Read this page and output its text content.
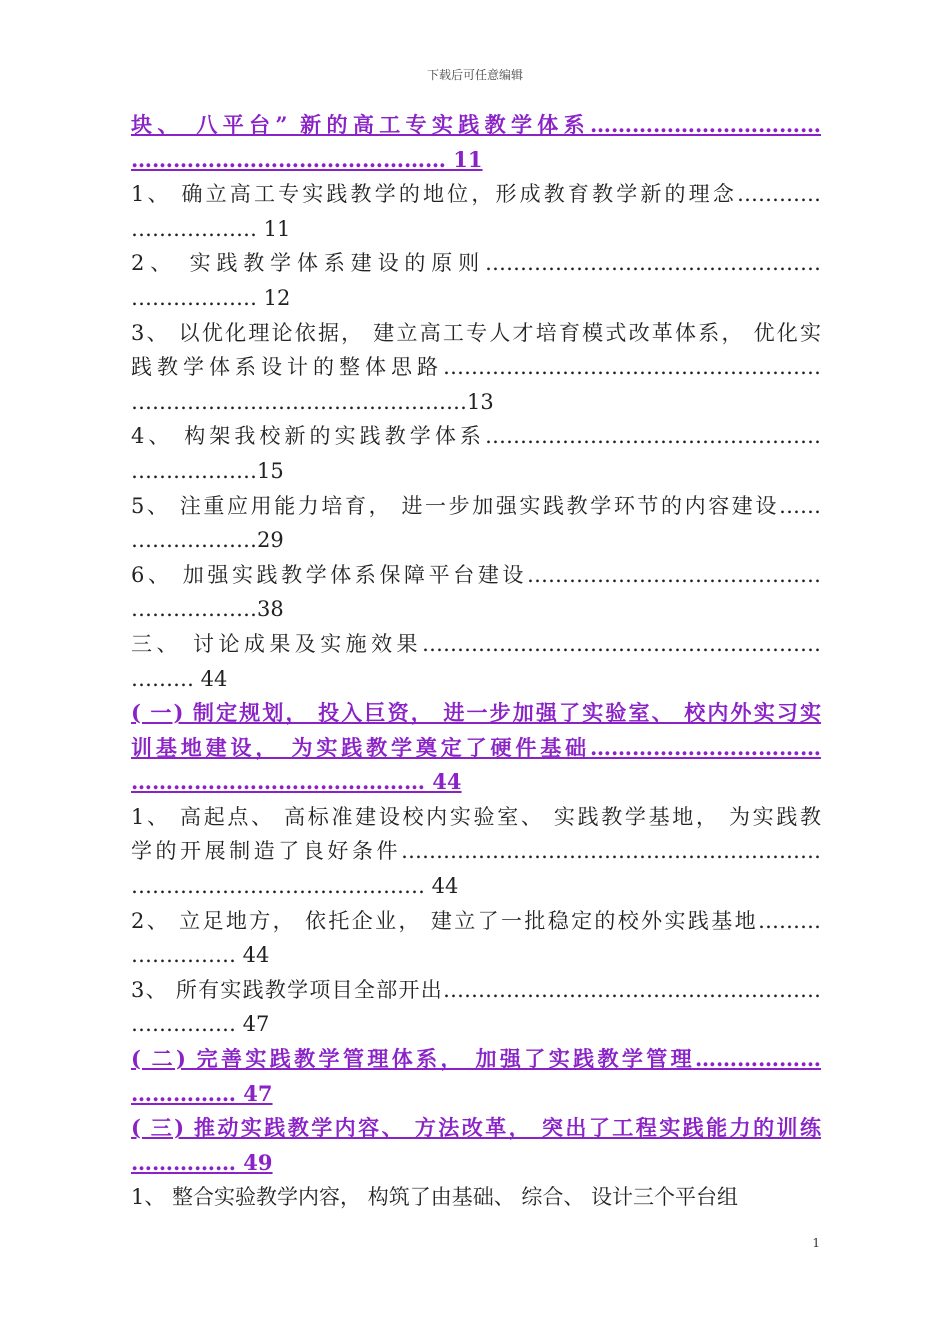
下载后可任意编辑
块、 八平台” 新的高工专实践教学体系……………………………
……………………………………… 11
1、 确立高工专实践教学的地位，形成教育教学新的理念…………
……………… 11
2、 实践教学体系建设的原则…………………………………………
……………… 12
3、 以优化理论依据， 建立高工专人才培育模式改革体系， 优化实
践教学体系设计的整体思路………………………………………………
…………………………………………13
4、 构架我校新的实践教学体系…………………………………………
………………15
5、 注重应用能力培育， 进一步加强实践教学环节的内容建设……
………………29
6、 加强实践教学体系保障平台建设……………………………………
………………38
三、 讨论成果及实施效果…………………………………………………
……… 44
( 一) 制定规划， 投入巨资， 进一步加强了实验室、 校内外实习实
训基地建设， 为实践教学奠定了硬件基础……………………………
…………………………………… 44
1、 高起点、 高标准建设校内实验室、 实践教学基地， 为实践教
学的开展制造了良好条件……………………………………………………
…………………………………… 44
2、 立足地方， 依托企业， 建立了一批稳定的校外实践基地………
…………… 44
3、 所有实践教学项目全部开出………………………………………………
…………… 47
( 二) 完善实践教学管理体系， 加强了实践教学管理………………
…………… 47
( 三) 推动实践教学内容、 方法改革， 突出了工程实践能力的训练
…………… 49
1、 整合实验教学内容， 构筑了由基础、 综合、 设计三个平台组
1
